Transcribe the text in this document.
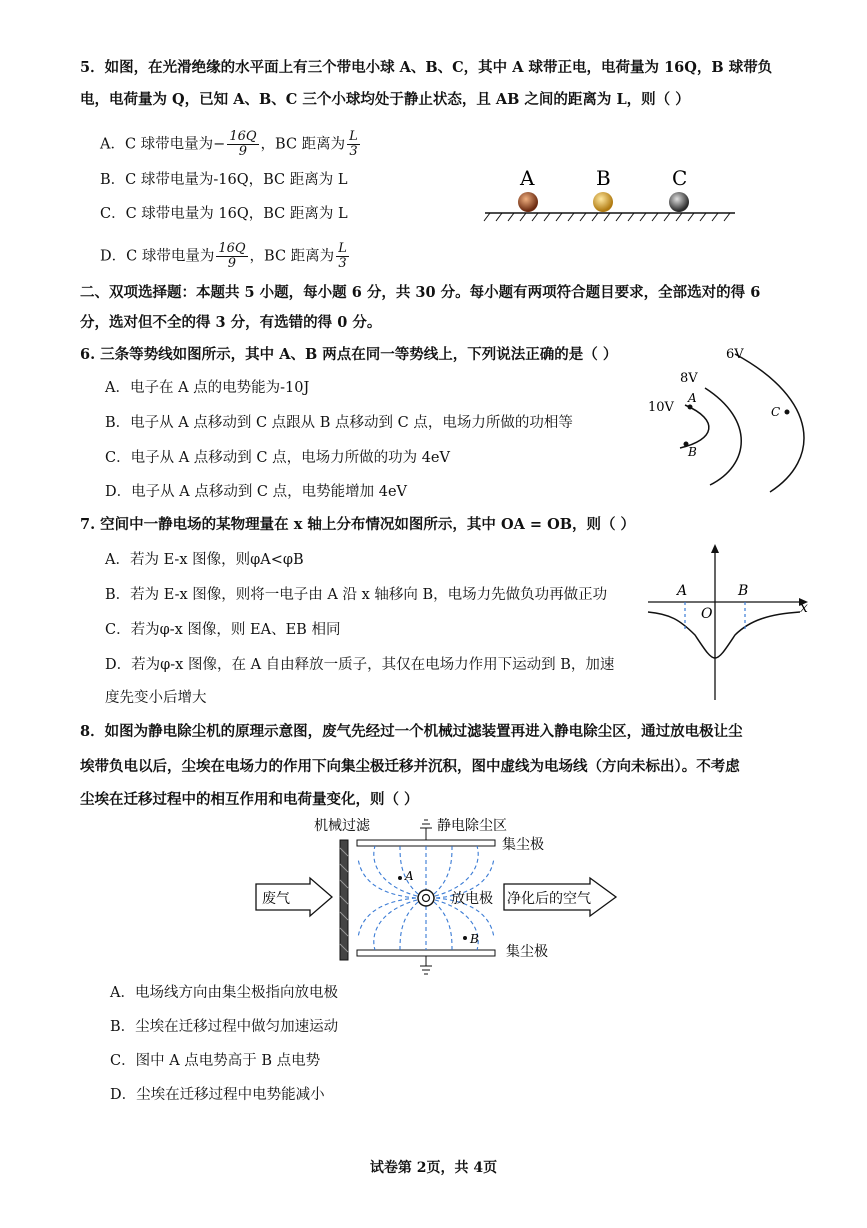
5．如图，在光滑绝缘的水平面上有三个带电小球 A、B、C，其中 A 球带正电，电荷量为 16Q，B 球带负
电，电荷量为 Q，已知 A、B、C 三个小球均处于静止状态，且 AB 之间的距离为 L，则（ ）
A．C 球带电量为− $\frac{16Q}{9}$ ，BC 距离为 $\frac{L}{3}$
B．C 球带电量为-16Q，BC 距离为 L
C．C 球带电量为 16Q，BC 距离为 L
D．C 球带电量为 $\frac{16Q}{9}$ ，BC 距离为 $\frac{L}{3}$
A	B	C
二、双项选择题：本题共 5 小题，每小题 6 分，共 30 分。每小题有两项符合题目要求，全部选对的得 6
分，选对但不全的得 3 分，有选错的得 0 分。
6. 三条等势线如图所示，其中 A、B 两点在同一等势线上，下列说法正确的是（ ）
A．电子在 A 点的电势能为-10J
B．电子从 A 点移动到 C 点跟从 B 点移动到 C 点，电场力所做的功相等
C．电子从 A 点移动到 C 点，电场力所做的功为 4eV
D．电子从 A 点移动到 C 点，电势能增加 4eV
6V
8V
10V
A
B
C
7. 空间中一静电场的某物理量在 x 轴上分布情况如图所示，其中 OA = OB，则（ ）
A．若为 E-x 图像，则φA<φB
B．若为 E-x 图像，则将一电子由 A 沿 x 轴移向 B，电场力先做负功再做正功
C．若为φ-x 图像，则 EA、EB 相同
D．若为φ-x 图像，在 A 自由释放一质子，其仅在电场力作用下运动到 B，加速
度先变小后增大
A	B
O	x
8．如图为静电除尘机的原理示意图，废气先经过一个机械过滤装置再进入静电除尘区，通过放电极让尘
埃带负电以后，尘埃在电场力的作用下向集尘极迁移并沉积，图中虚线为电场线（方向未标出）。不考虑
尘埃在迁移过程中的相互作用和电荷量变化，则（ ）
机械过滤	静电除尘区
集尘极
集尘极
放电极
A
B
废气	净化后的空气
A．电场线方向由集尘极指向放电极
B．尘埃在迁移过程中做匀加速运动
C．图中 A 点电势高于 B 点电势
D．尘埃在迁移过程中电势能减小
试卷第 2页，共 4页
